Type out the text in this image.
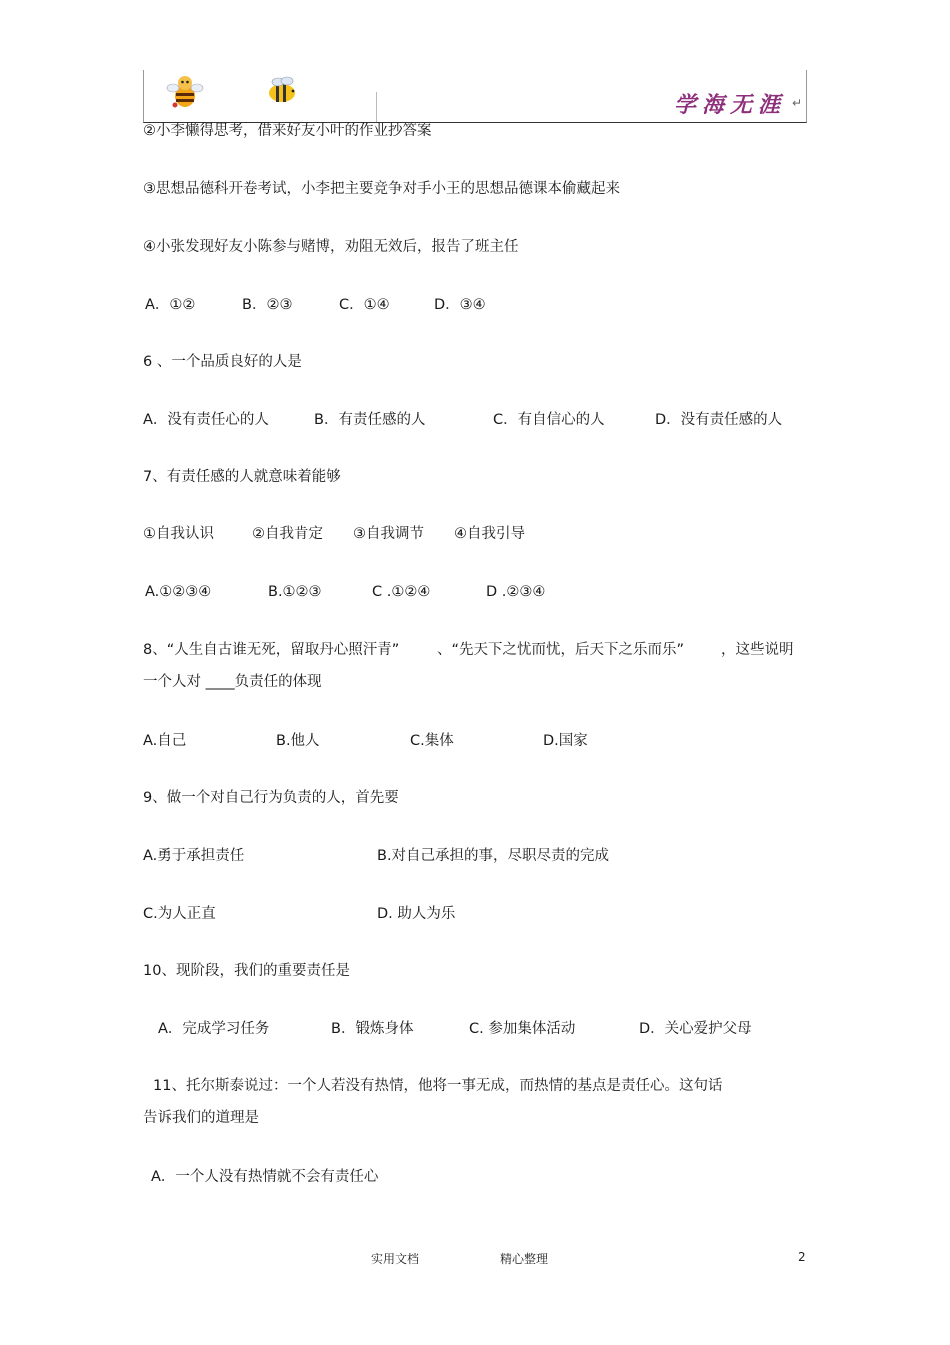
学海无涯 ↵
②小李懒得思考，借来好友小叶的作业抄答案
③思想品德科开卷考试，小李把主要竞争对手小王的思想品德课本偷藏起来
④小张发现好友小陈参与赌博，劝阻无效后，报告了班主任
A．①②	B．②③	C．①④	D．③④
6 、一个品质良好的人是
A．没有责任心的人	B．有责任感的人	C．有自信心的人	D．没有责任感的人
7、有责任感的人就意味着能够
①自我认识	②自我肯定 ③自我调节 ④自我引导
A.①②③④	B.①②③	C .①②④	D .②③④
8、“人生自古谁无死，留取丹心照汗青”	、“先天下之忧而忧，后天下之乐而乐”	，这些说明
一个人对 ____负责任的体现
A.自己	B.他人	C.集体	D.国家
9、做一个对自己行为负责的人，首先要
A.勇于承担责任	B.对自己承担的事，尽职尽责的完成
C.为人正直	D. 助人为乐
10、现阶段，我们的重要责任是
A．完成学习任务	B．锻炼身体	C. 参加集体活动	D．关心爱护父母
11、托尔斯泰说过：一个人若没有热情，他将一事无成，而热情的基点是责任心。这句话
告诉我们的道理是
A．一个人没有热情就不会有责任心
实用文档	精心整理	2
